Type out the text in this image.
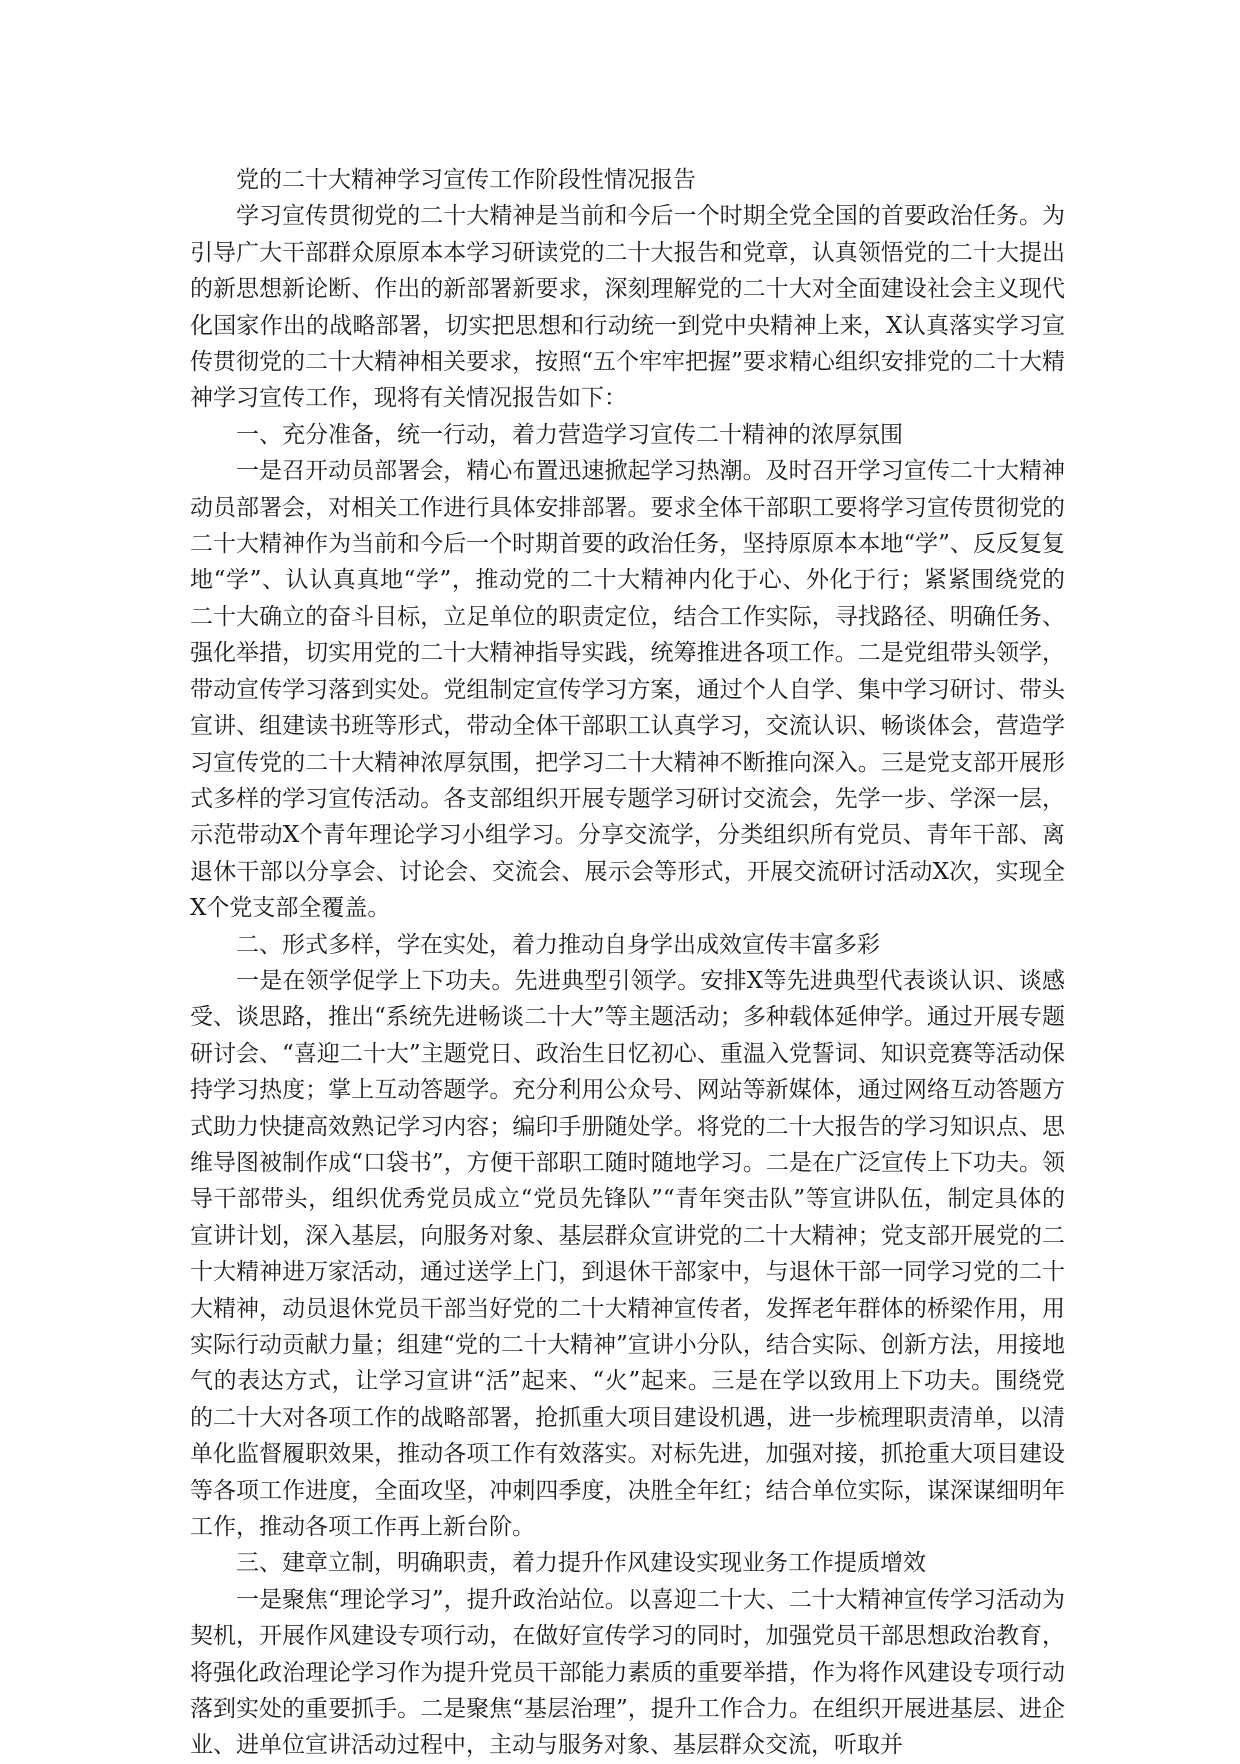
党的二十大精神学习宣传工作阶段性情况报告

学习宣传贯彻党的二十大精神是当前和今后一个时期全党全国的首要政治任务。为引导广大干部群众原原本本学习研读党的二十大报告和党章，认真领悟党的二十大提出的新思想新论断、作出的新部署新要求，深刻理解党的二十大对全面建设社会主义现代化国家作出的战略部署，切实把思想和行动统一到党中央精神上来，X认真落实学习宣传贯彻党的二十大精神相关要求，按照“五个牢牢把握”要求精心组织安排党的二十大精神学习宣传工作，现将有关情况报告如下：

一、充分准备，统一行动，着力营造学习宣传二十精神的浓厚氛围

一是召开动员部署会，精心布置迅速掀起学习热潮。及时召开学习宣传二十大精神动员部署会，对相关工作进行具体安排部署。要求全体干部职工要将学习宣传贯彻党的二十大精神作为当前和今后一个时期首要的政治任务，坚持原原本本地“学”、反反复复地“学”、认认真真地“学”，推动党的二十大精神内化于心、外化于行；紧紧围绕党的二十大确立的奋斗目标，立足单位的职责定位，结合工作实际，寻找路径、明确任务、强化举措，切实用党的二十大精神指导实践，统筹推进各项工作。二是党组带头领学，带动宣传学习落到实处。党组制定宣传学习方案，通过个人自学、集中学习研讨、带头宣讲、组建读书班等形式，带动全体干部职工认真学习，交流认识、畅谈体会，营造学习宣传党的二十大精神浓厚氛围，把学习二十大精神不断推向深入。三是党支部开展形式多样的学习宣传活动。各支部组织开展专题学习研讨交流会，先学一步、学深一层，示范带动X个青年理论学习小组学习。分享交流学，分类组织所有党员、青年干部、离退休干部以分享会、讨论会、交流会、展示会等形式，开展交流研讨活动X次，实现全X个党支部全覆盖。

二、形式多样，学在实处，着力推动自身学出成效宣传丰富多彩

一是在领学促学上下功夫。先进典型引领学。安排X等先进典型代表谈认识、谈感受、谈思路，推出“系统先进畅谈二十大”等主题活动；多种载体延伸学。通过开展专题研讨会、“喜迎二十大”主题党日、政治生日忆初心、重温入党誓词、知识竞赛等活动保持学习热度；掌上互动答题学。充分利用公众号、网站等新媒体，通过网络互动答题方式助力快捷高效熟记学习内容；编印手册随处学。将党的二十大报告的学习知识点、思维导图被制作成“口袋书”，方便干部职工随时随地学习。二是在广泛宣传上下功夫。领导干部带头，组织优秀党员成立“党员先锋队”“青年突击队”等宣讲队伍，制定具体的宣讲计划，深入基层，向服务对象、基层群众宣讲党的二十大精神；党支部开展党的二十大精神进万家活动，通过送学上门，到退休干部家中，与退休干部一同学习党的二十大精神，动员退休党员干部当好党的二十大精神宣传者，发挥老年群体的桥梁作用，用实际行动贡献力量；组建“党的二十大精神”宣讲小分队，结合实际、创新方法，用接地气的表达方式，让学习宣讲“活”起来、“火”起来。三是在学以致用上下功夫。围绕党的二十大对各项工作的战略部署，抢抓重大项目建设机遇，进一步梳理职责清单，以清单化监督履职效果，推动各项工作有效落实。对标先进，加强对接，抓抢重大项目建设等各项工作进度，全面攻坚，冲刺四季度，决胜全年红；结合单位实际，谋深谋细明年工作，推动各项工作再上新台阶。

三、建章立制，明确职责，着力提升作风建设实现业务工作提质增效

一是聚焦“理论学习”，提升政治站位。以喜迎二十大、二十大精神宣传学习活动为契机，开展作风建设专项行动，在做好宣传学习的同时，加强党员干部思想政治教育，将强化政治理论学习作为提升党员干部能力素质的重要举措，作为将作风建设专项行动落到实处的重要抓手。二是聚焦“基层治理”，提升工作合力。在组织开展进基层、进企业、进单位宣讲活动过程中，主动与服务对象、基层群众交流，听取并
